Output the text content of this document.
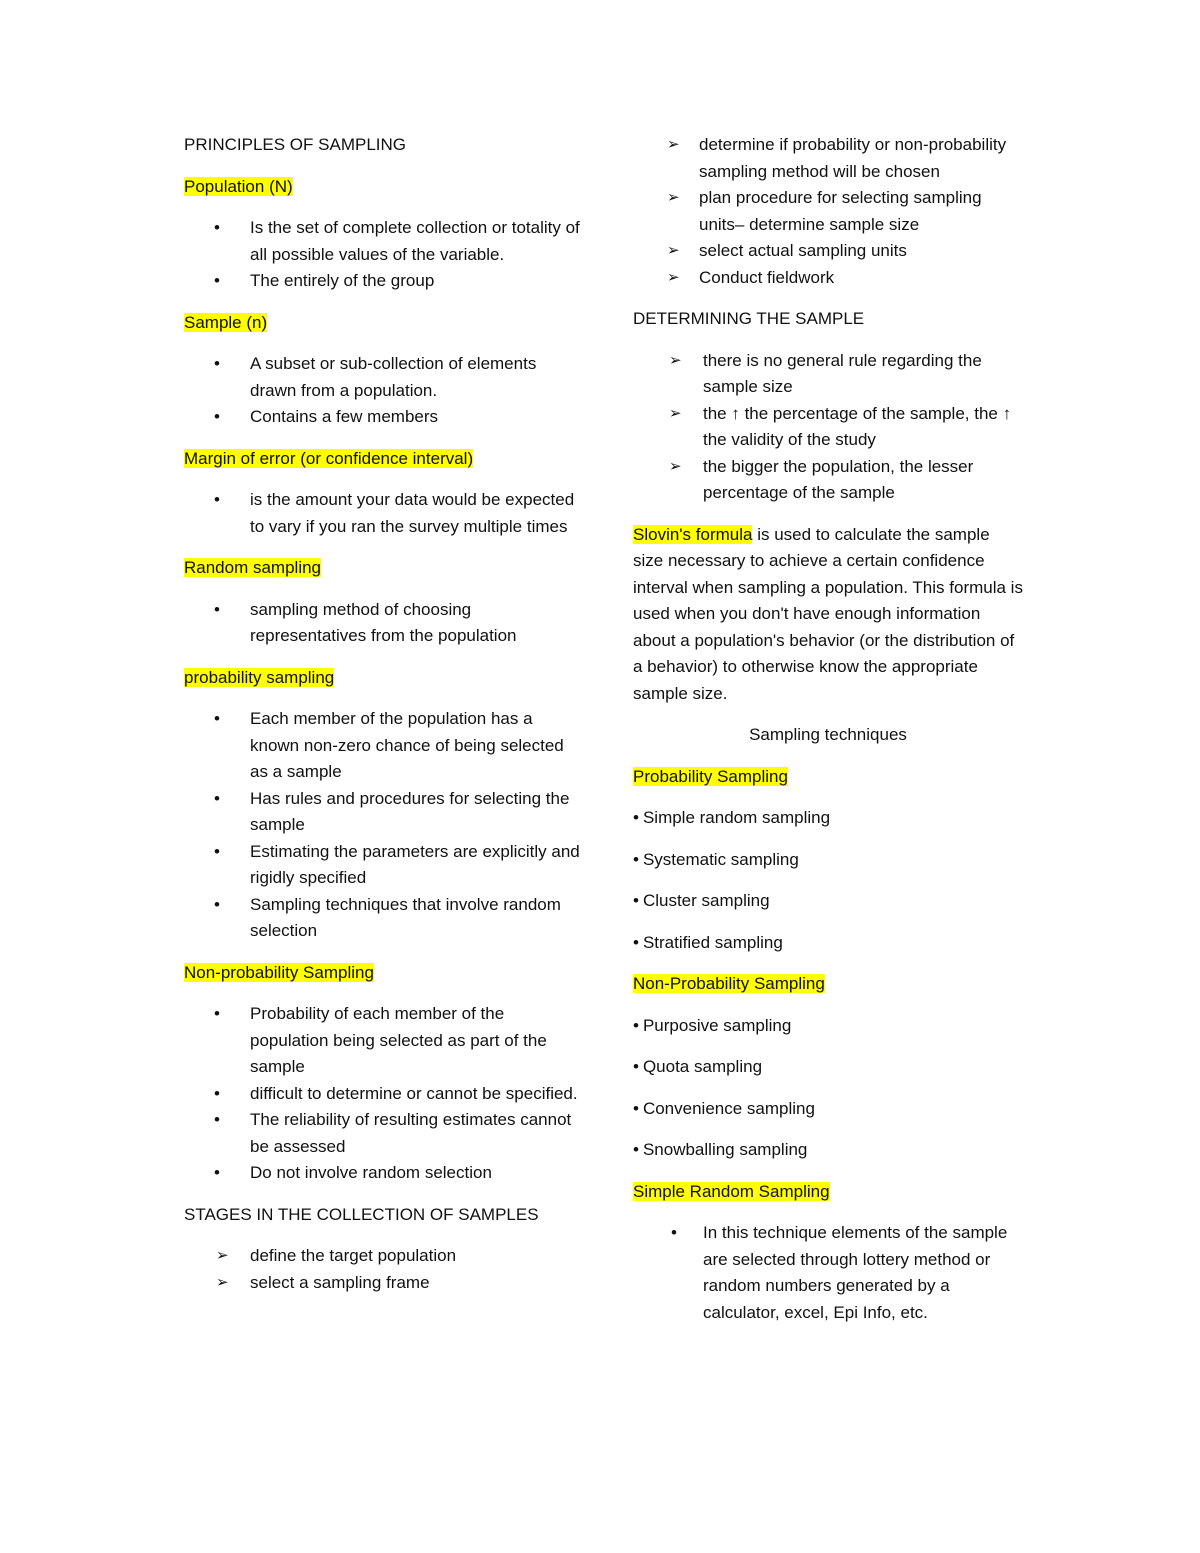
PRINCIPLES OF SAMPLING

Population (N)

• Is the set of complete collection or totality of all possible values of the variable.
• The entirely of the group

Sample (n)

• A subset or sub-collection of elements drawn from a population.
• Contains a few members

Margin of error (or confidence interval)

• is the amount your data would be expected to vary if you ran the survey multiple times

Random sampling

• sampling method of choosing representatives from the population

probability sampling

• Each member of the population has a known non-zero chance of being selected as a sample
• Has rules and procedures for selecting the sample
• Estimating the parameters are explicitly and rigidly specified
• Sampling techniques that involve random selection

Non-probability Sampling

• Probability of each member of the population being selected as part of the sample
• difficult to determine or cannot be specified.
• The reliability of resulting estimates cannot be assessed
• Do not involve random selection

STAGES IN THE COLLECTION OF SAMPLES

➢ define the target population
➢ select a sampling frame
➢ determine if probability or non-probability sampling method will be chosen
➢ plan procedure for selecting sampling units– determine sample size
➢ select actual sampling units
➢ Conduct fieldwork

DETERMINING THE SAMPLE

➢ there is no general rule regarding the sample size
➢ the ↑ the percentage of the sample, the ↑ the validity of the study
➢ the bigger the population, the lesser percentage of the sample

Slovin's formula is used to calculate the sample size necessary to achieve a certain confidence interval when sampling a population. This formula is used when you don't have enough information about a population's behavior (or the distribution of a behavior) to otherwise know the appropriate sample size.

Sampling techniques

Probability Sampling

• Simple random sampling

• Systematic sampling

• Cluster sampling

• Stratified sampling

Non-Probability Sampling

• Purposive sampling

• Quota sampling

• Convenience sampling

• Snowballing sampling

Simple Random Sampling

• In this technique elements of the sample are selected through lottery method or random numbers generated by a calculator, excel, Epi Info, etc.
